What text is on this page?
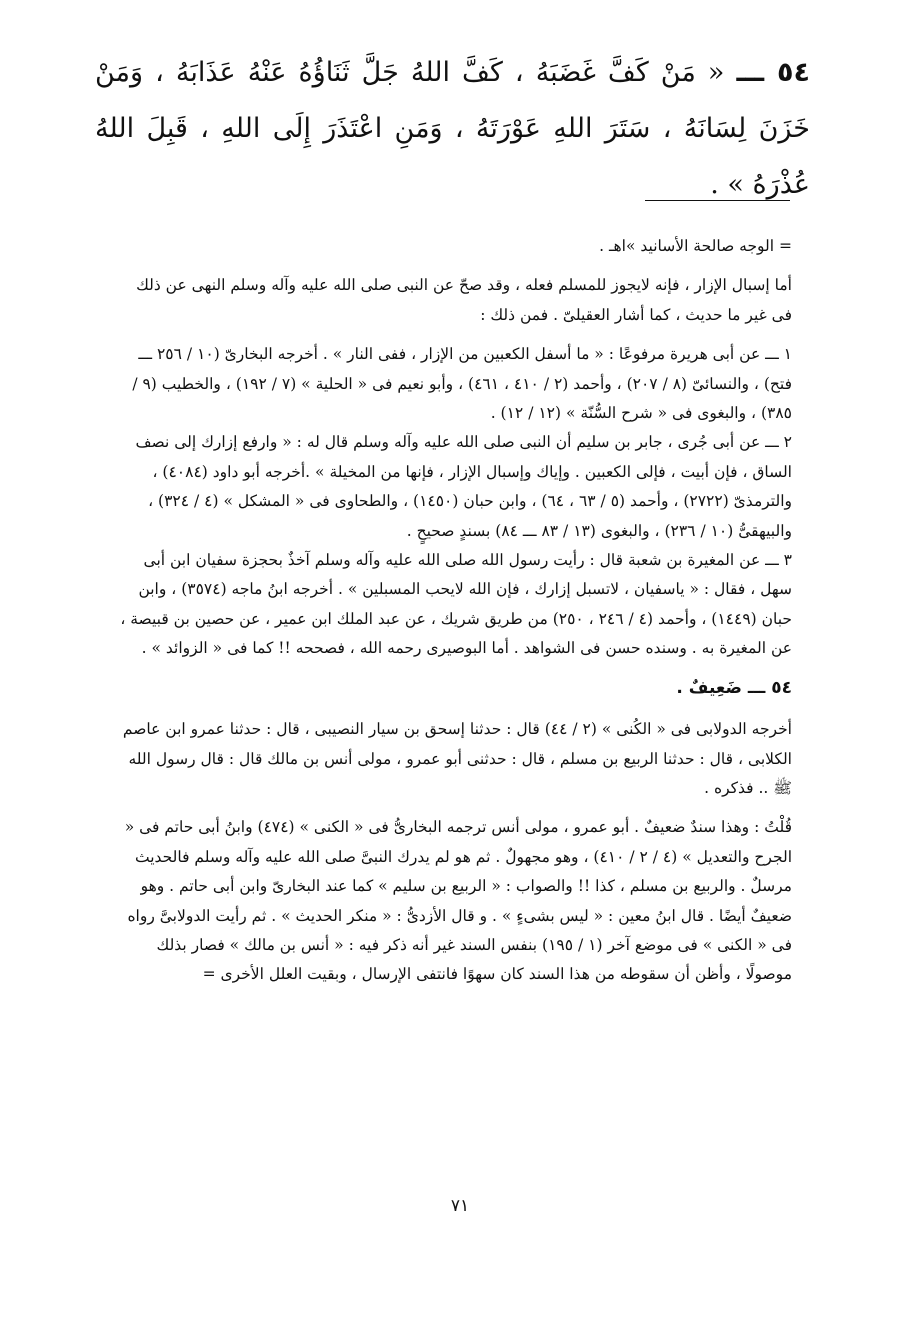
٥٤ ـــ « مَنْ كَفَّ غَضَبَهُ ، كَفَّ اللهُ جَلَّ ثَنَاؤُهُ عَنْهُ عَذَابَهُ ، وَمَنْ خَزَنَ لِسَانَهُ ، سَتَرَ اللهِ عَوْرَتَهُ ، وَمَنِ اعْتَذَرَ إِلَى اللهِ ، قَبِلَ اللهُ عُذْرَهُ » .

= الوجه صالحة الأسانيد »اهـ .

أما إسبال الإزار ، فإنه لايجوز للمسلم فعله ، وقد صحّ عن النبى صلى الله عليه وآله وسلم النهى عن ذلك فى غير ما حديث ، كما أشار العقيلىّ . فمن ذلك :

١ ـــ عن أبى هريرة مرفوعًا : « ما أسفل الكعبين من الإزار ، ففى النار » . أخرجه البخارىّ (١٠ / ٢٥٦ ـــ فتح) ، والنسائىّ (٨ / ٢٠٧) ، وأحمد (٢ / ٤١٠ ، ٤٦١) ، وأبو نعيم فى « الحلية » (٧ / ١٩٢) ، والخطيب (٩ / ٣٨٥) ، والبغوى فى « شرح السُّنّة » (١٢ / ١٢) .

٢ ـــ عن أبى جُرى ، جابر بن سليم أن النبى صلى الله عليه وآله وسلم قال له : « وارفع إزارك إلى نصف الساق ، فإن أبيت ، فإلى الكعبين . وإياك وإسبال الإزار ، فإنها من المخيلة » .أخرجه أبو داود (٤٠٨٤) ، والترمذىّ (٢٧٢٢) ، وأحمد (٥ / ٦٣ ، ٦٤) ، وابن حبان (١٤٥٠) ، والطحاوى فى « المشكل » (٤ / ٣٢٤) ، والبيهقىُّ (١٠ / ٢٣٦) ، والبغوى (١٣ / ٨٣ ـــ ٨٤) بسندٍ صحيحٍ .

٣ ـــ عن المغيرة بن شعبة قال : رأيت رسول الله صلى الله عليه وآله وسلم آخذٌ بحجزة سفيان ابن أبى سهل ، فقال : « ياسفيان ، لاتسبل إزارك ، فإن الله لايحب المسبلين » . أخرجه ابنُ ماجه (٣٥٧٤) ، وابن حبان (١٤٤٩) ، وأحمد (٤ / ٢٤٦ ، ٢٥٠) من طريق شريك ، عن عبد الملك ابن عمير ، عن حصين بن قبيصة ، عن المغيرة به . وسنده حسن فى الشواهد . أما البوصيرى رحمه الله ، فصححه !! كما فى « الزوائد » .

٥٤ ـــ ضَعِيفٌ .

أخرجه الدولابى فى « الكُنى » (٢ / ٤٤) قال : حدثنا إسحق بن سيار النصيبى ، قال : حدثنا عمرو ابن عاصم الكلابى ، قال : حدثنا الربيع بن مسلم ، قال : حدثنى أبو عمرو ، مولى أنس بن مالك قال : قال رسول الله ﷺ .. فذكره .

قُلْتُ : وهذا سندٌ ضعيفٌ . أبو عمرو ، مولى أنس ترجمه البخارىُّ فى « الكنى » (٤٧٤) وابنُ أبى حاتم فى « الجرح والتعديل » (٤ / ٢ / ٤١٠) ، وهو مجهولٌ . ثم هو لم يدرك النبىَّ صلى الله عليه وآله وسلم فالحديث مرسلٌ . والربيع بن مسلم ، كذا !! والصواب : « الربيع بن سليم » كما عند البخارىّ وابن أبى حاتم . وهو ضعيفٌ أيضًا . قال ابنُ معين : « ليس بشىءٍ » . و قال الأزدىُّ : « منكر الحديث » . ثم رأيت الدولابىَّ رواه فى « الكنى » فى موضع آخر (١ / ١٩٥) بنفس السند غير أنه ذكر فيه : « أنس بن مالك » فصار بذلك موصولًا ، وأظن أن سقوطه من هذا السند كان سهوًا فانتفى الإرسال ، وبقيت العلل الأخرى =

٧١
